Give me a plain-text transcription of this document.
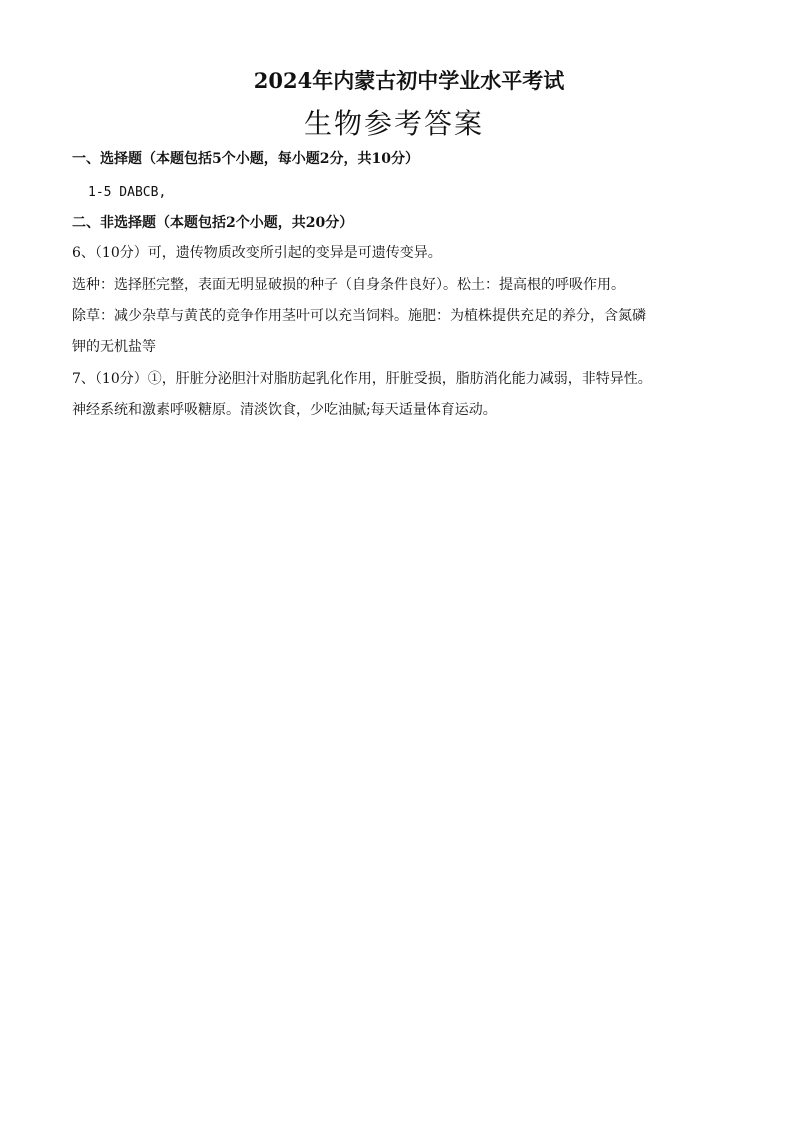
2024年内蒙古初中学业水平考试
生物参考答案
一、选择题（本题包括5个小题，每小题2分，共10分）
1-5 DABCB,
二、非选择题（本题包括2个小题，共20分）
6、（10分）可，遗传物质改变所引起的变异是可遗传变异。
选种：选择胚完整，表面无明显破损的种子（自身条件良好）。松土：提高根的呼吸作用。
除草：减少杂草与黄芪的竞争作用茎叶可以充当饲料。施肥：为植株提供充足的养分，含氮磷
钾的无机盐等
7、（10分）①，肝脏分泌胆汁对脂肪起乳化作用，肝脏受损，脂肪消化能力减弱，非特异性。
神经系统和激素呼吸糖原。清淡饮食，少吃油腻;每天适量体育运动。
